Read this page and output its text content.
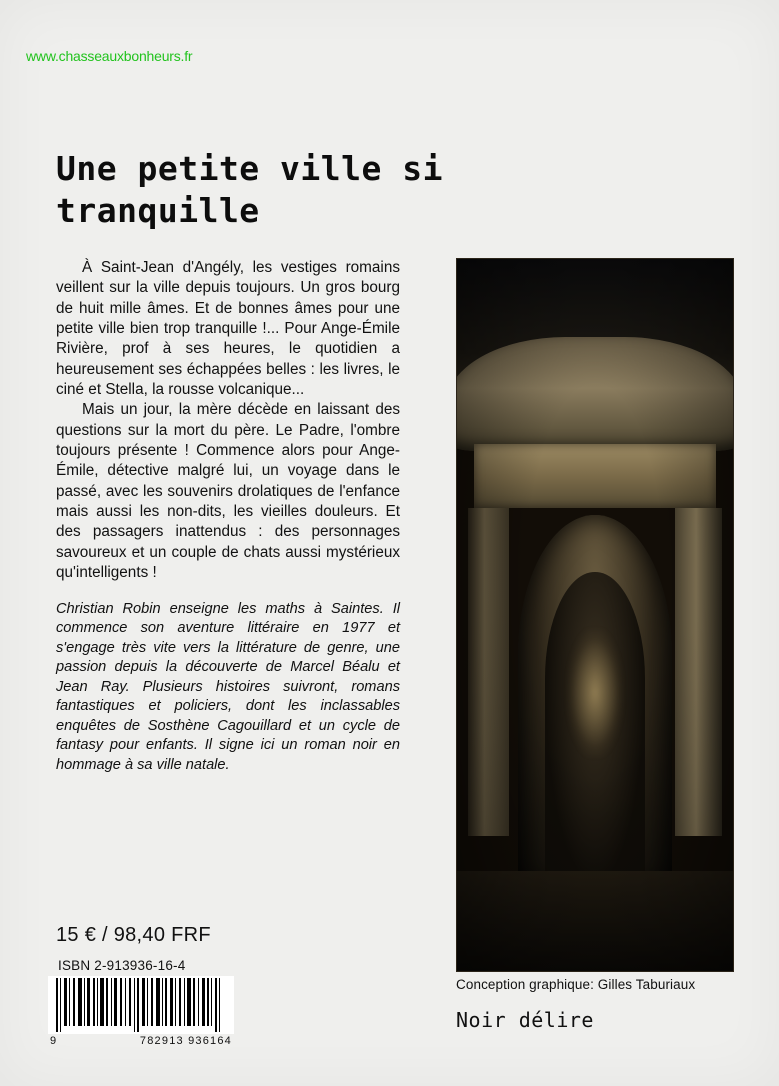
www.chasseauxbonheurs.fr
Une petite ville si tranquille

À Saint-Jean d'Angély, les vestiges romains veillent sur la ville depuis toujours. Un gros bourg de huit mille âmes. Et de bonnes âmes pour une petite ville bien trop tranquille !... Pour Ange-Émile Rivière, prof à ses heures, le quotidien a heureusement ses échappées belles : les livres, le ciné et Stella, la rousse volcanique...

Mais un jour, la mère décède en laissant des questions sur la mort du père. Le Padre, l'ombre toujours présente ! Commence alors pour Ange-Émile, détective malgré lui, un voyage dans le passé, avec les souvenirs drolatiques de l'enfance mais aussi les non-dits, les vieilles douleurs. Et des passagers inattendus : des personnages savoureux et un couple de chats aussi mystérieux qu'intelligents !

Christian Robin enseigne les maths à Saintes. Il commence son aventure littéraire en 1977 et s'engage très vite vers la littérature de genre, une passion depuis la découverte de Marcel Béalu et Jean Ray. Plusieurs histoires suivront, romans fantastiques et policiers, dont les inclassables enquêtes de Sosthène Cagouillard et un cycle de fantasy pour enfants. Il signe ici un roman noir en hommage à sa ville natale.

15 € / 98,40 FRF
ISBN 2-913936-16-4
Conception graphique: Gilles Taburiaux
Noir délire
9	782913 936164
